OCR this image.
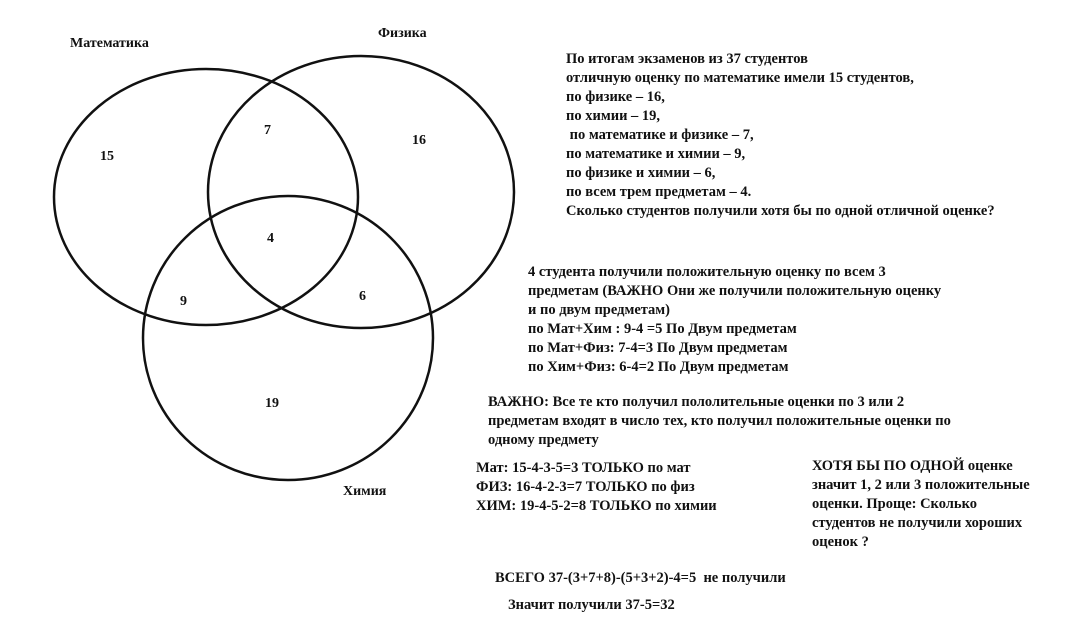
Математика
Физика
Химия
15
16
19
7
9	6
4
По итогам экзаменов из 37 студентов
отличную оценку по математике имели 15 студентов,
по физике – 16,
по химии – 19,
по математике и физике – 7,
по математике и химии – 9,
по физике и химии – 6,
по всем трем предметам – 4.
Сколько студентов получили хотя бы по одной отличной оценке?
4 студента получили положительную оценку по всем 3
предметам (ВАЖНО Они же получили положительную оценку
и по двум предметам)
по Мат+Хим : 9-4 =5 По Двум предметам
по Мат+Физ: 7-4=3 По Двум предметам
по Хим+Физ: 6-4=2 По Двум предметам
ВАЖНО: Все те кто получил пололительные оценки по 3 или 2
предметам входят в число тех, кто получил положительные оценки по
одному предмету
Мат: 15-4-3-5=3 ТОЛЬКО по мат
ФИЗ: 16-4-2-3=7 ТОЛЬКО по физ
ХИМ: 19-4-5-2=8 ТОЛЬКО по химии
ХОТЯ БЫ ПО ОДНОЙ оценке
значит 1, 2 или 3 положительные
оценки. Проще: Сколько
студентов не получили хороших
оценок ?
ВСЕГО 37-(3+7+8)-(5+3+2)-4=5  не получили
Значит получили 37-5=32
